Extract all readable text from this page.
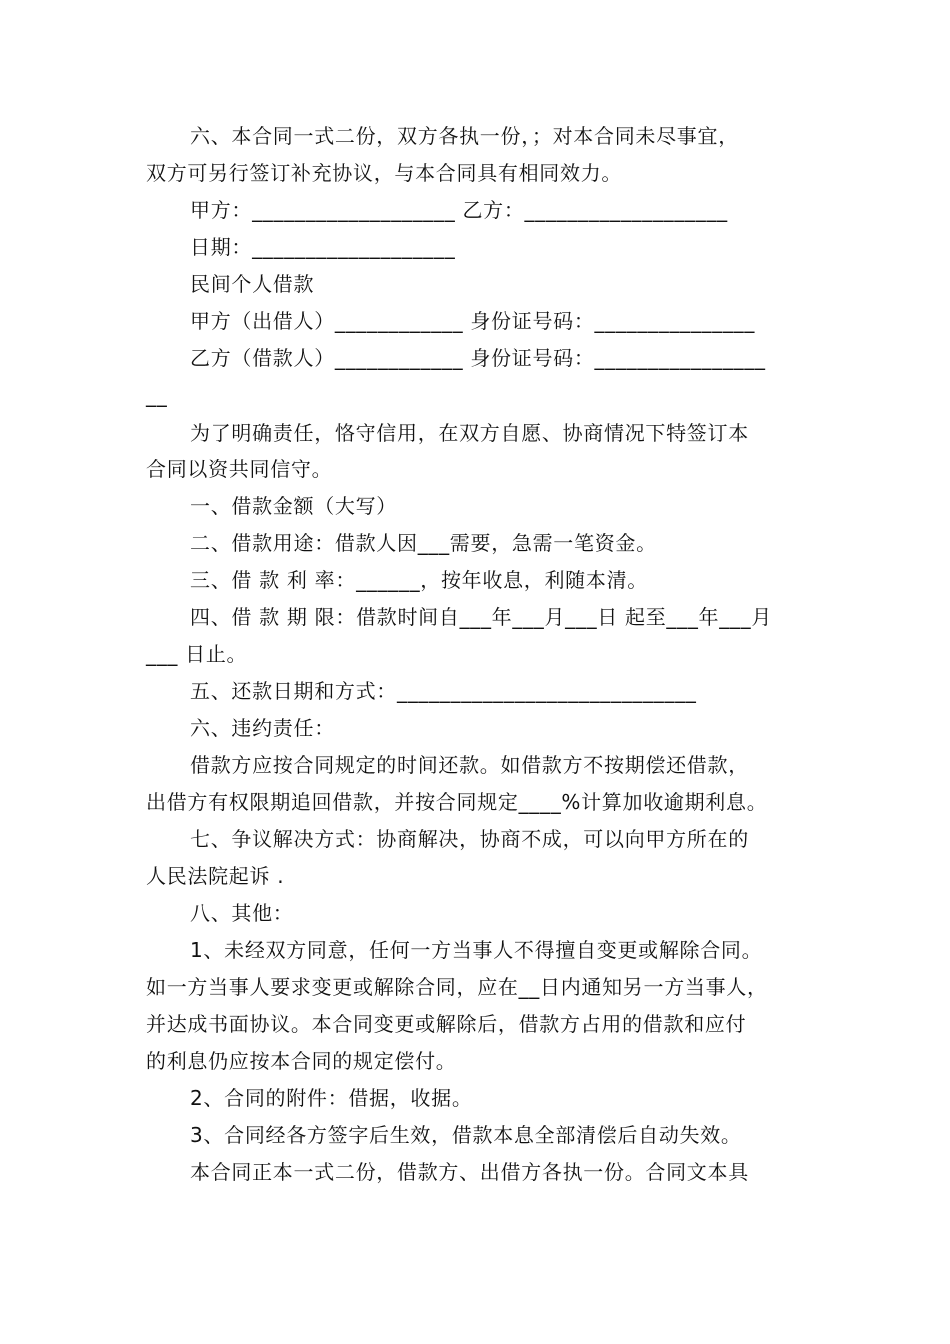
六、本合同一式二份，双方各执一份，；对本合同未尽事宜，
双方可另行签订补充协议，与本合同具有相同效力。
甲方：___________________ 乙方：___________________
日期：___________________
民间个人借款
甲方（出借人）____________ 身份证号码：_______________
乙方（借款人）____________ 身份证号码：________________
__
为了明确责任，恪守信用，在双方自愿、协商情况下特签订本
合同以资共同信守。
一、借款金额（大写）
二、借款用途：借款人因___需要，急需一笔资金。
三、借 款 利 率：______，按年收息，利随本清。
四、借 款 期 限：借款时间自___年___月___日 起至___年___月
___ 日止。
五、还款日期和方式：____________________________
六、违约责任：
借款方应按合同规定的时间还款。如借款方不按期偿还借款，
出借方有权限期追回借款，并按合同规定____%计算加收逾期利息。
七、争议解决方式：协商解决，协商不成，可以向甲方所在的
人民法院起诉 .
八、其他：
1、未经双方同意，任何一方当事人不得擅自变更或解除合同。
如一方当事人要求变更或解除合同，应在__日内通知另一方当事人，
并达成书面协议。本合同变更或解除后，借款方占用的借款和应付
的利息仍应按本合同的规定偿付。
2、合同的附件：借据，收据。
3、合同经各方签字后生效，借款本息全部清偿后自动失效。
本合同正本一式二份，借款方、出借方各执一份。合同文本具
